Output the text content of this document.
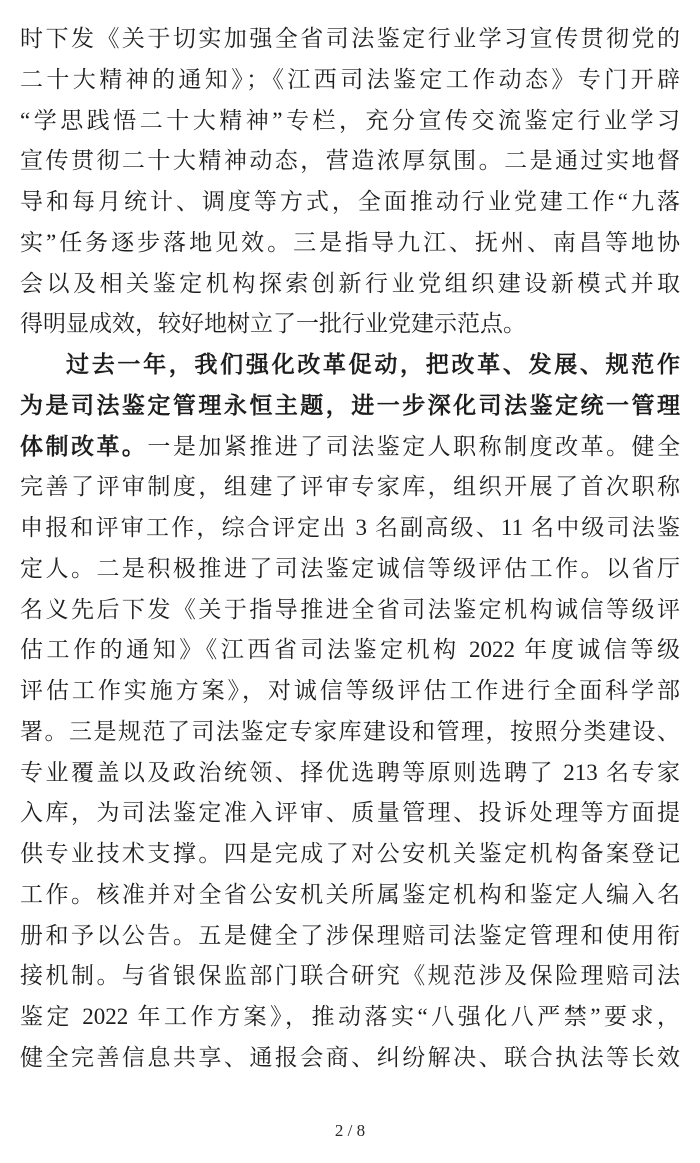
时下发《关于切实加强全省司法鉴定行业学习宣传贯彻党的
二十大精神的通知》；《江西司法鉴定工作动态》专门开辟
“学思践悟二十大精神”专栏，充分宣传交流鉴定行业学习
宣传贯彻二十大精神动态，营造浓厚氛围。二是通过实地督
导和每月统计、调度等方式，全面推动行业党建工作“九落
实”任务逐步落地见效。三是指导九江、抚州、南昌等地协
会以及相关鉴定机构探索创新行业党组织建设新模式并取
得明显成效，较好地树立了一批行业党建示范点。
过去一年，我们强化改革促动，把改革、发展、规范作
为是司法鉴定管理永恒主题，进一步深化司法鉴定统一管理
体制改革。一是加紧推进了司法鉴定人职称制度改革。健全
完善了评审制度，组建了评审专家库，组织开展了首次职称
申报和评审工作，综合评定出 3 名副高级、11 名中级司法鉴
定人。二是积极推进了司法鉴定诚信等级评估工作。以省厅
名义先后下发《关于指导推进全省司法鉴定机构诚信等级评
估工作的通知》《江西省司法鉴定机构 2022 年度诚信等级
评估工作实施方案》，对诚信等级评估工作进行全面科学部
署。三是规范了司法鉴定专家库建设和管理，按照分类建设、
专业覆盖以及政治统领、择优选聘等原则选聘了 213 名专家
入库，为司法鉴定准入评审、质量管理、投诉处理等方面提
供专业技术支撑。四是完成了对公安机关鉴定机构备案登记
工作。核准并对全省公安机关所属鉴定机构和鉴定人编入名
册和予以公告。五是健全了涉保理赔司法鉴定管理和使用衔
接机制。与省银保监部门联合研究《规范涉及保险理赔司法
鉴定 2022 年工作方案》，推动落实“八强化八严禁”要求，
健全完善信息共享、通报会商、纠纷解决、联合执法等长效
2 / 8
